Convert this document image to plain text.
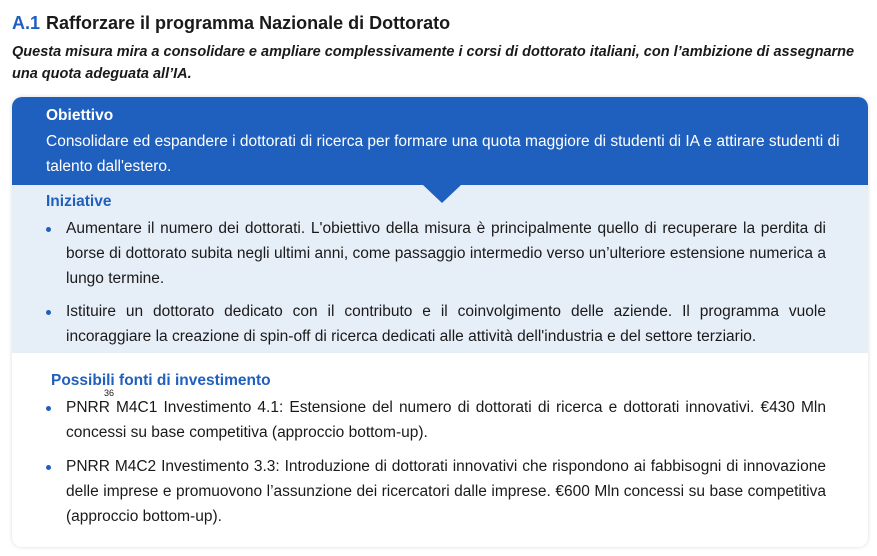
A.1 Rafforzare il programma Nazionale di Dottorato
Questa misura mira a consolidare e ampliare complessivamente i corsi di dottorato italiani, con l’ambizione di assegnarne una quota adeguata all’IA.
Obiettivo
Consolidare ed espandere i dottorati di ricerca per formare una quota maggiore di studenti di IA e attirare studenti di talento dall'estero.
Iniziative
Aumentare il numero dei dottorati. L'obiettivo della misura è principalmente quello di recuperare la perdita di borse di dottorato subita negli ultimi anni, come passaggio intermedio verso un’ulteriore estensione numerica a lungo termine.
Istituire un dottorato dedicato con il contributo e il coinvolgimento delle aziende. Il programma vuole incoraggiare la creazione di spin-off di ricerca dedicati alle attività dell'industria e del settore terziario.
Possibili fonti di investimento
36
PNRR M4C1 Investimento 4.1: Estensione del numero di dottorati di ricerca e dottorati innovativi. €430 Mln concessi su base competitiva (approccio bottom-up).
PNRR M4C2 Investimento 3.3: Introduzione di dottorati innovativi che rispondono ai fabbisogni di innovazione delle imprese e promuovono l’assunzione dei ricercatori dalle imprese. €600 Mln concessi su base competitiva (approccio bottom-up).
